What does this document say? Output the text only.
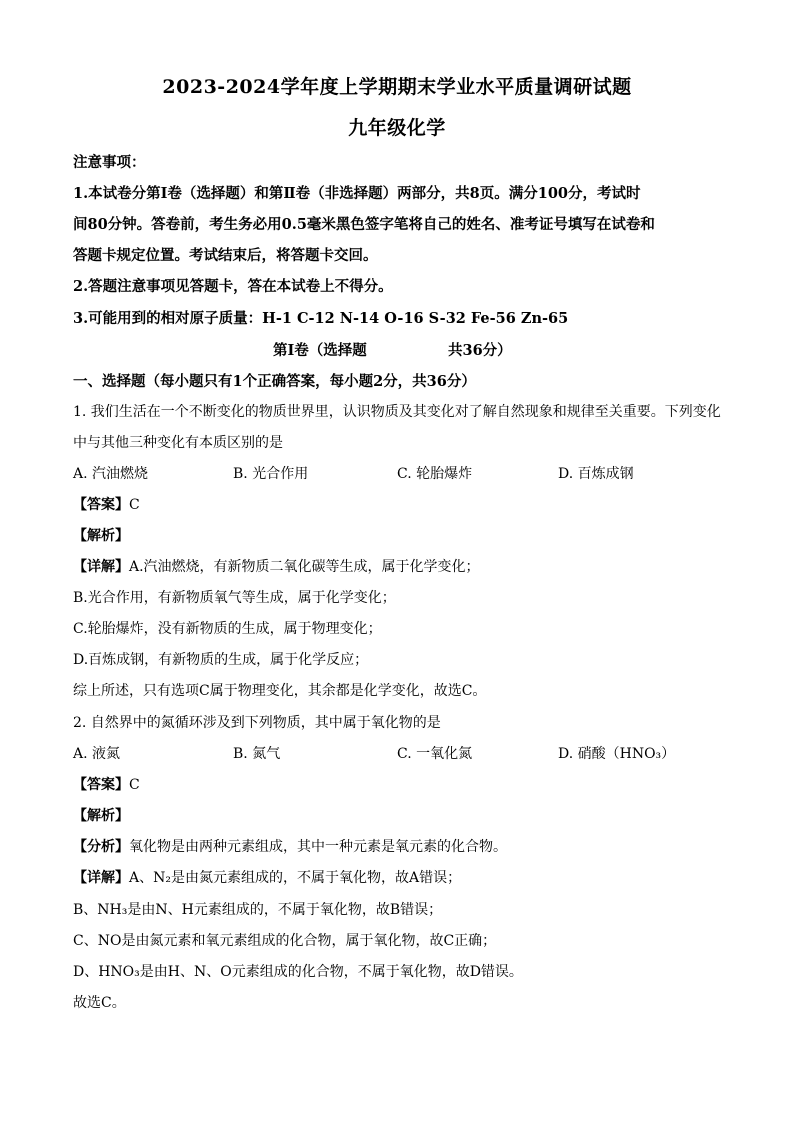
2023-2024学年度上学期期末学业水平质量调研试题
九年级化学
注意事项：
1.本试卷分第Ⅰ卷（选择题）和第Ⅱ卷（非选择题）两部分，共8页。满分100分，考试时
间80分钟。答卷前，考生务必用0.5毫米黑色签字笔将自己的姓名、准考证号填写在试卷和
答题卡规定位置。考试结束后，将答题卡交回。
2.答题注意事项见答题卡，答在本试卷上不得分。
3.可能用到的相对原子质量：H-1 C-12 N-14 O-16 S-32 Fe-56 Zn-65
第Ⅰ卷（选择题	共36分）
一、选择题（每小题只有1个正确答案，每小题2分，共36分）
1. 我们生活在一个不断变化的物质世界里，认识物质及其变化对了解自然现象和规律至关重要。下列变化
中与其他三种变化有本质区别的是
A. 汽油燃烧	B. 光合作用	C. 轮胎爆炸	D. 百炼成钢
【答案】C
【解析】
【详解】A.汽油燃烧，有新物质二氧化碳等生成，属于化学变化；
B.光合作用，有新物质氧气等生成，属于化学变化；
C.轮胎爆炸，没有新物质的生成，属于物理变化；
D.百炼成钢，有新物质的生成，属于化学反应；
综上所述，只有选项C属于物理变化，其余都是化学变化，故选C。
2. 自然界中的氮循环涉及到下列物质，其中属于氧化物的是
A. 液氮	B. 氮气	C. 一氧化氮	D. 硝酸（HNO₃）
【答案】C
【解析】
【分析】氧化物是由两种元素组成，其中一种元素是氧元素的化合物。
【详解】A、N₂是由氮元素组成的，不属于氧化物，故A错误；
B、NH₃是由N、H元素组成的，不属于氧化物，故B错误；
C、NO是由氮元素和氧元素组成的化合物，属于氧化物，故C正确；
D、HNO₃是由H、N、O元素组成的化合物，不属于氧化物，故D错误。
故选C。
